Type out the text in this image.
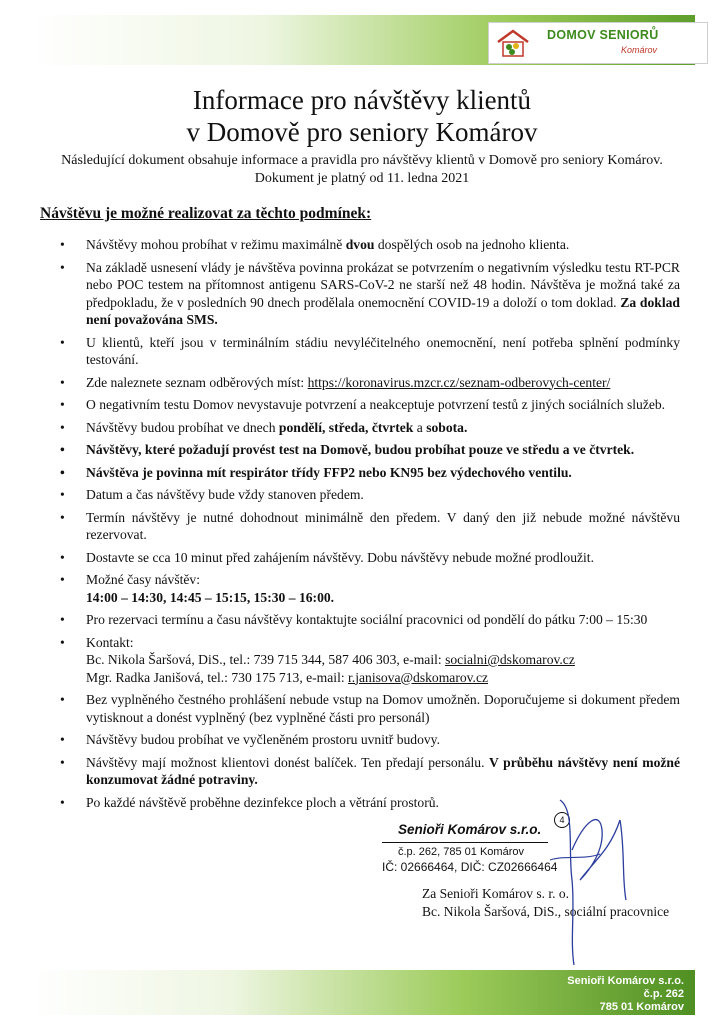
DOMOV SENIORŮ
Komárov
Informace pro návštěvy klientů
v Domově pro seniory Komárov
Následující dokument obsahuje informace a pravidla pro návštěvy klientů v Domově pro seniory Komárov.
Dokument je platný od 11. ledna 2021
Návštěvu je možné realizovat za těchto podmínek:
• Návštěvy mohou probíhat v režimu maximálně dvou dospělých osob na jednoho klienta.
• Na základě usnesení vlády je návštěva povinna prokázat se potvrzením o negativním výsledku testu RT-PCR nebo POC testem na přítomnost antigenu SARS-CoV-2 ne starší než 48 hodin. Návštěva je možná také za předpokladu, že v posledních 90 dnech prodělala onemocnění COVID-19 a doloží o tom doklad. Za doklad není považována SMS.
• U klientů, kteří jsou v terminálním stádiu nevyléčitelného onemocnění, není potřeba splnění podmínky testování.
• Zde naleznete seznam odběrových míst: https://koronavirus.mzcr.cz/seznam-odberovych-center/
• O negativním testu Domov nevystavuje potvrzení a neakceptuje potvrzení testů z jiných sociálních služeb.
• Návštěvy budou probíhat ve dnech pondělí, středa, čtvrtek a sobota.
• Návštěvy, které požadují provést test na Domově, budou probíhat pouze ve středu a ve čtvrtek.
• Návštěva je povinna mít respirátor třídy FFP2 nebo KN95 bez výdechového ventilu.
• Datum a čas návštěvy bude vždy stanoven předem.
• Termín návštěvy je nutné dohodnout minimálně den předem. V daný den již nebude možné návštěvu rezervovat.
• Dostavte se cca 10 minut před zahájením návštěvy. Dobu návštěvy nebude možné prodloužit.
• Možné časy návštěv:
14:00 – 14:30, 14:45 – 15:15, 15:30 – 16:00.
• Pro rezervaci termínu a času návštěvy kontaktujte sociální pracovnici od pondělí do pátku 7:00 – 15:30
• Kontakt:
Bc. Nikola Šaršová, DiS., tel.: 739 715 344, 587 406 303, e-mail: socialni@dskomarov.cz
Mgr. Radka Janišová, tel.: 730 175 713, e-mail: r.janisova@dskomarov.cz
• Bez vyplněného čestného prohlášení nebude vstup na Domov umožněn. Doporučujeme si dokument předem vytisknout a donést vyplněný (bez vyplněné části pro personál)
• Návštěvy budou probíhat ve vyčleněném prostoru uvnitř budovy.
• Návštěvy mají možnost klientovi donést balíček. Ten předají personálu. V průběhu návštěvy není možné konzumovat žádné potraviny.
• Po každé návštěvě proběhne dezinfekce ploch a větrání prostorů.
Senioři Komárov s.r.o.
4
č.p. 262, 785 01 Komárov
IČ: 02666464, DIČ: CZ02666464
Za Senioři Komárov s. r. o.
Bc. Nikola Šaršová, DiS., sociální pracovnice
Senioři Komárov s.r.o.
č.p. 262
785 01 Komárov
